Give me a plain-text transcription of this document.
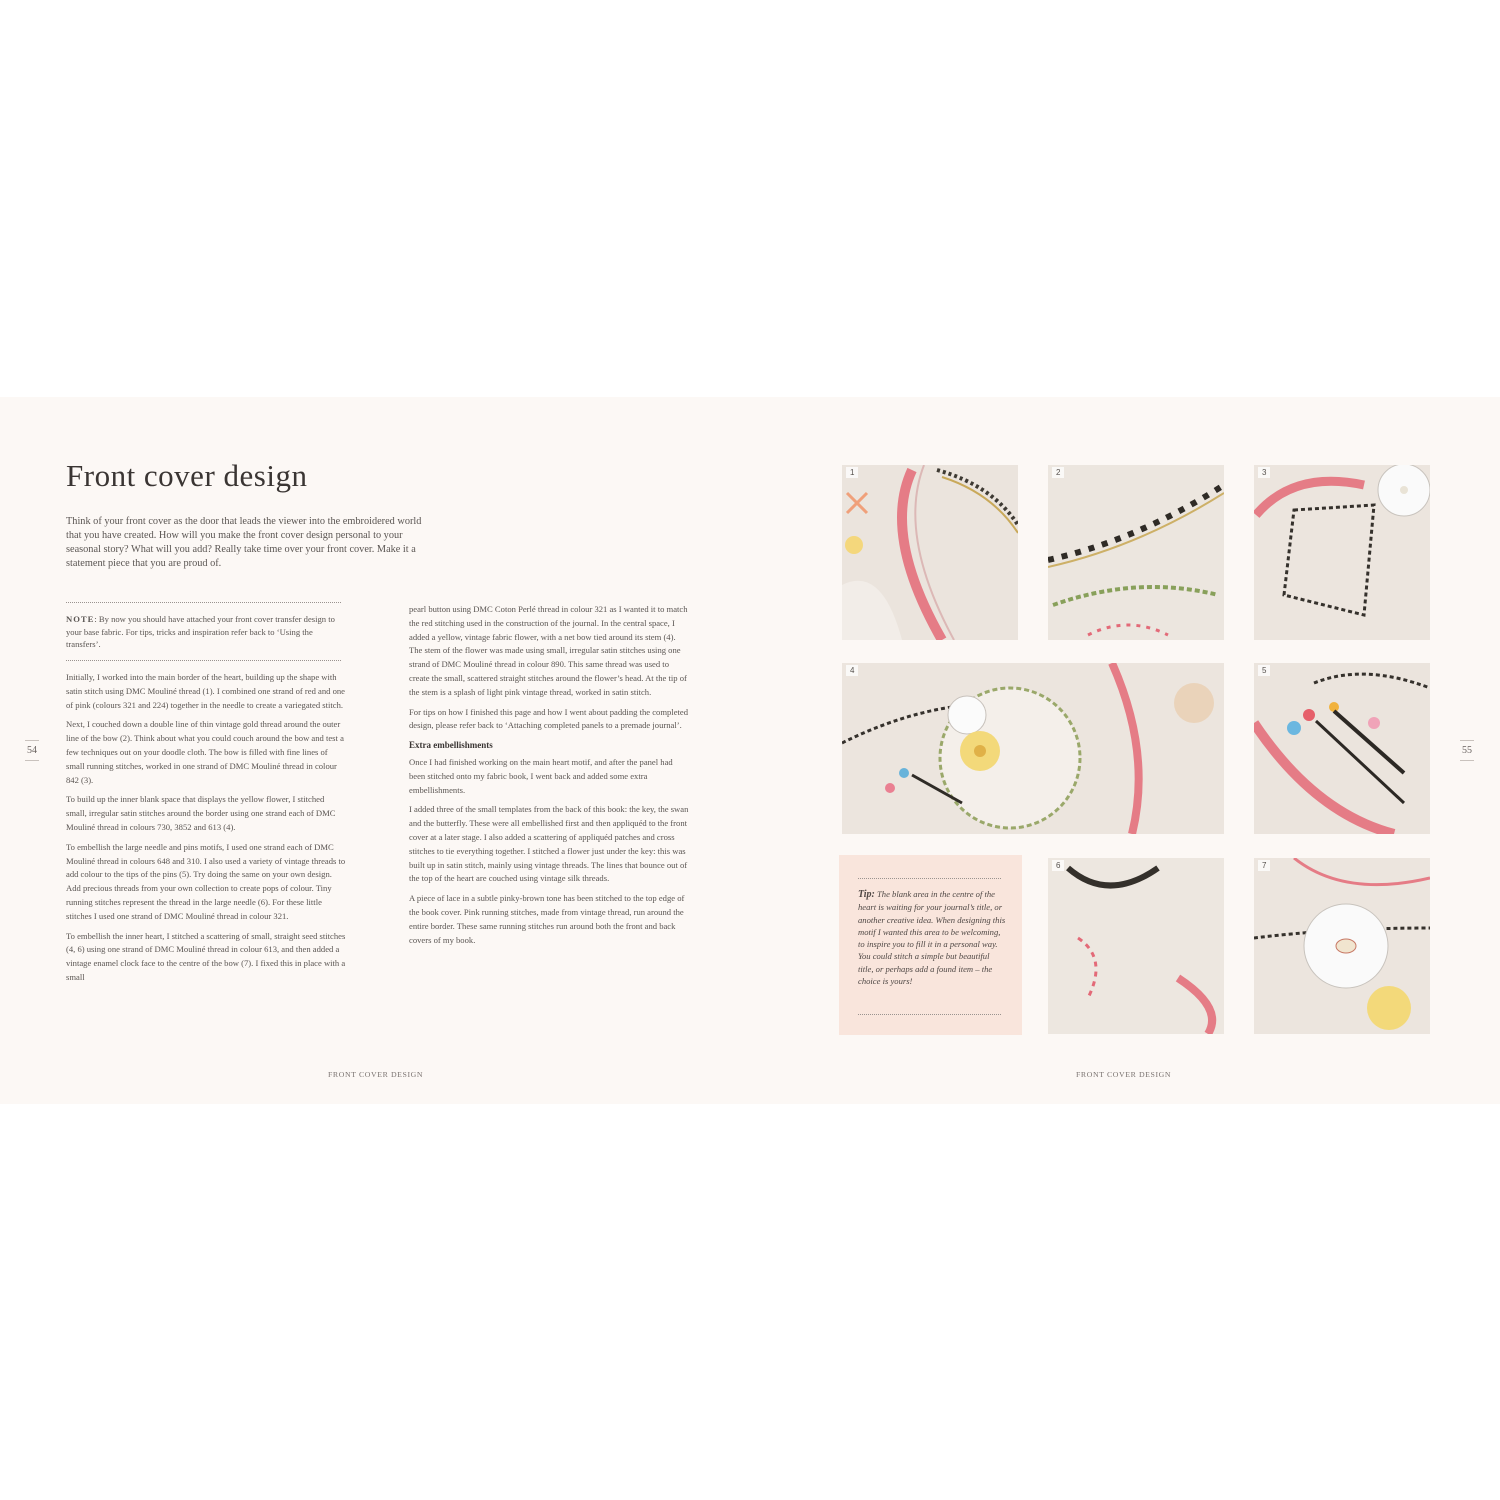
Front cover design

Think of your front cover as the door that leads the viewer into the embroidered world that you have created. How will you make the front cover design personal to your seasonal story? What will you add? Really take time over your front cover. Make it a statement piece that you are proud of.

NOTE: By now you should have attached your front cover transfer design to your base fabric. For tips, tricks and inspiration refer back to ‘Using the transfers’.

Initially, I worked into the main border of the heart, building up the shape with satin stitch using DMC Mouliné thread (1). I combined one strand of red and one of pink (colours 321 and 224) together in the needle to create a variegated stitch.

Next, I couched down a double line of thin vintage gold thread around the outer line of the bow (2). Think about what you could couch around the bow and test a few techniques out on your doodle cloth. The bow is filled with fine lines of small running stitches, worked in one strand of DMC Mouliné thread in colour 842 (3).

To build up the inner blank space that displays the yellow flower, I stitched small, irregular satin stitches around the border using one strand each of DMC Mouliné thread in colours 730, 3852 and 613 (4).

To embellish the large needle and pins motifs, I used one strand each of DMC Mouliné thread in colours 648 and 310. I also used a variety of vintage threads to add colour to the tips of the pins (5). Try doing the same on your own design. Add precious threads from your own collection to create pops of colour. Tiny running stitches represent the thread in the large needle (6). For these little stitches I used one strand of DMC Mouliné thread in colour 321.

To embellish the inner heart, I stitched a scattering of small, straight seed stitches (4, 6) using one strand of DMC Mouliné thread in colour 613, and then added a vintage enamel clock face to the centre of the bow (7). I fixed this in place with a small

pearl button using DMC Coton Perlé thread in colour 321 as I wanted it to match the red stitching used in the construction of the journal. In the central space, I added a yellow, vintage fabric flower, with a net bow tied around its stem (4). The stem of the flower was made using small, irregular satin stitches using one strand of DMC Mouliné thread in colour 890. This same thread was used to create the small, scattered straight stitches around the flower’s head. At the tip of the stem is a splash of light pink vintage thread, worked in satin stitch.

For tips on how I finished this page and how I went about padding the completed design, please refer back to ‘Attaching completed panels to a premade journal’.

Extra embellishments

Once I had finished working on the main heart motif, and after the panel had been stitched onto my fabric book, I went back and added some extra embellishments.

I added three of the small templates from the back of this book: the key, the swan and the butterfly. These were all embellished first and then appliquéd to the front cover at a later stage. I also added a scattering of appliquéd patches and cross stitches to tie everything together. I stitched a flower just under the key: this was built up in satin stitch, mainly using vintage threads. The lines that bounce out of the top of the heart are couched using vintage silk threads.

A piece of lace in a subtle pinky-brown tone has been stitched to the top edge of the book cover. Pink running stitches, made from vintage thread, run around the entire border. These same running stitches run around both the front and back covers of my book.

54	55
FRONT COVER DESIGN	FRONT COVER DESIGN
1	2	3
4	5

Tip: The blank area in the centre of the heart is waiting for your journal’s title, or another creative idea. When designing this motif I wanted this area to be welcoming, to inspire you to fill it in a personal way. You could stitch a simple but beautiful title, or perhaps add a found item – the choice is yours!

6	7
